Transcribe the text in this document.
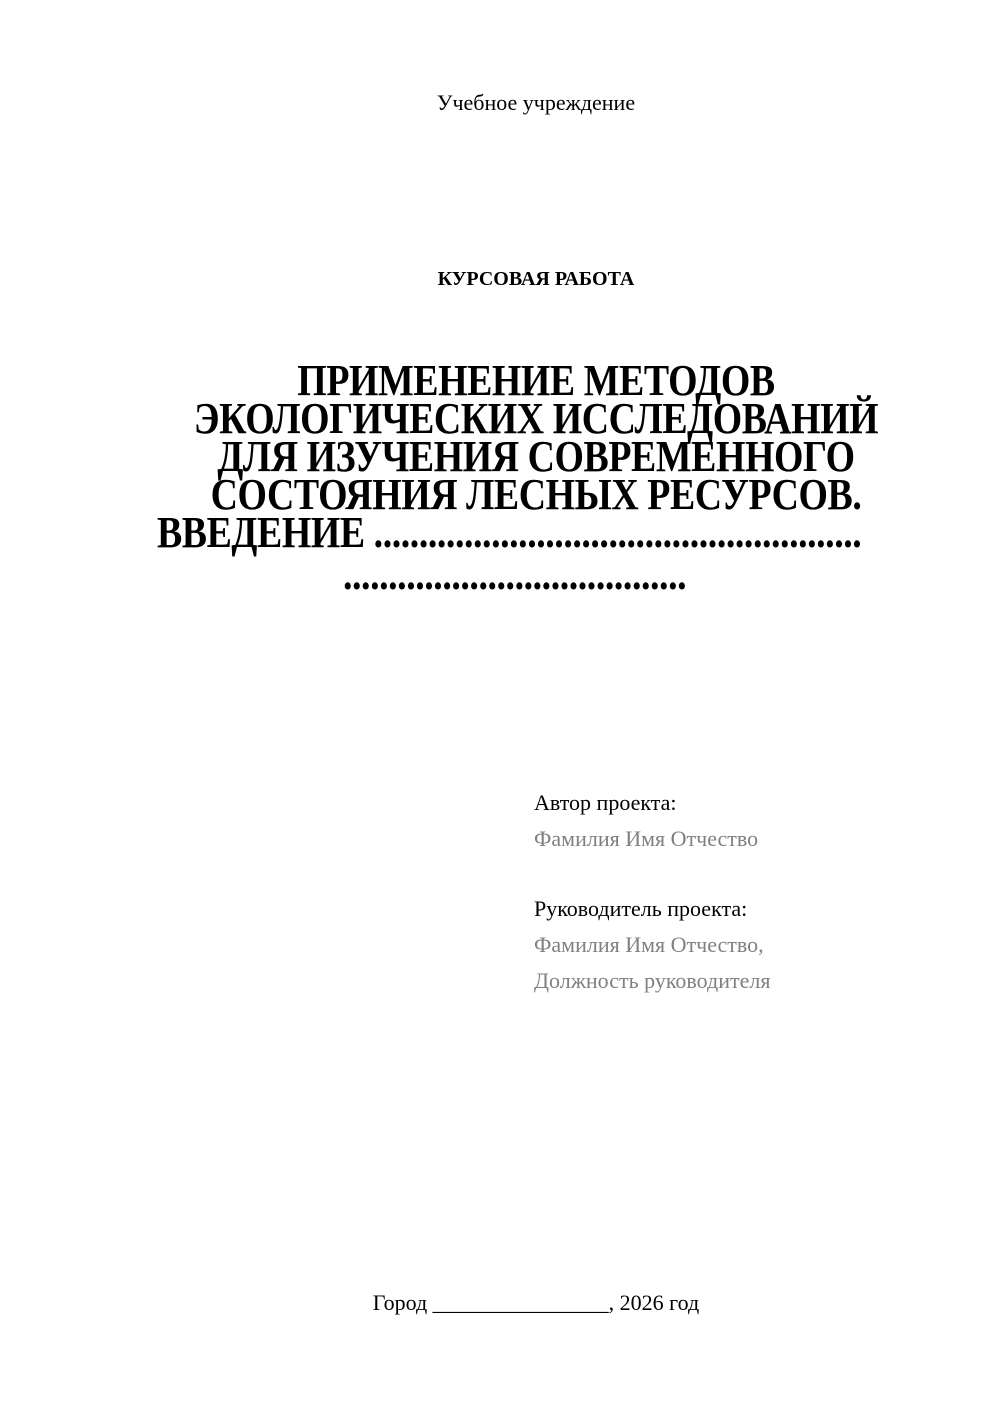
Учебное учреждение
КУРСОВАЯ РАБОТА
ПРИМЕНЕНИЕ МЕТОДОВ
ЭКОЛОГИЧЕСКИХ ИССЛЕДОВАНИЙ
ДЛЯ ИЗУЧЕНИЯ СОВРЕМЕННОГО
СОСТОЯНИЯ ЛЕСНЫХ РЕСУРСОВ.
ВВЕДЕНИЕ ......................................................
......................................
Автор проекта:
Фамилия Имя Отчество
Руководитель проекта:
Фамилия Имя Отчество,
Должность руководителя
Город ________________, 2026 год
